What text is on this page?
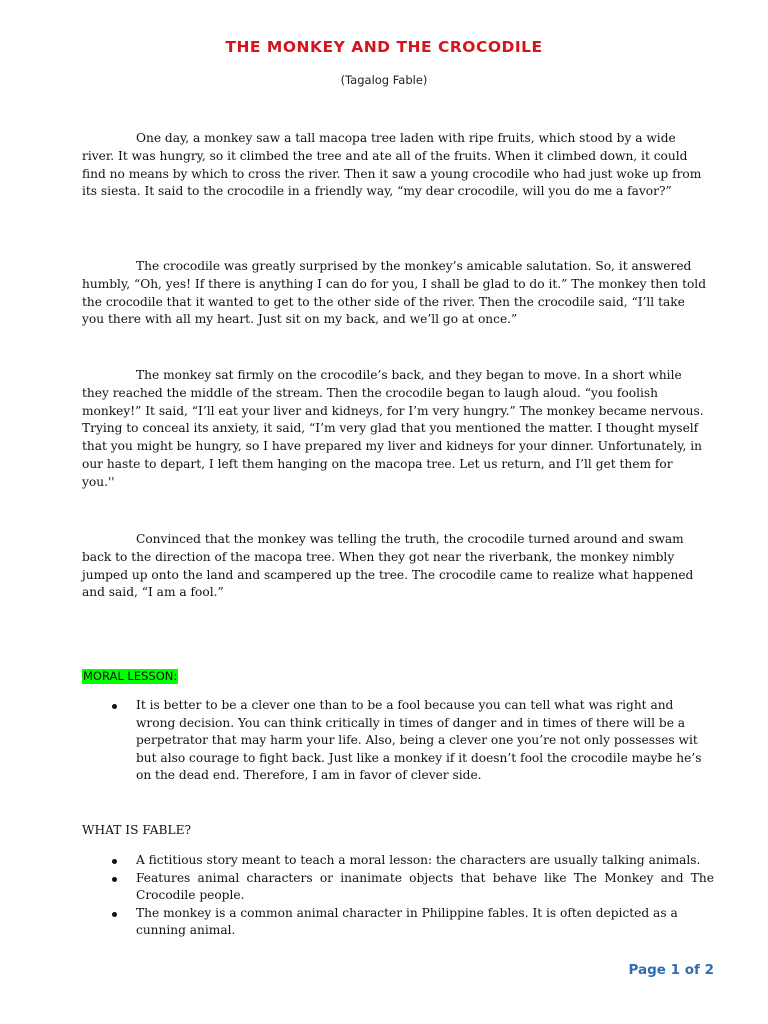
THE MONKEY AND THE CROCODILE
(Tagalog Fable)

One day, a monkey saw a tall macopa tree laden with ripe fruits, which stood by a wide river. It was hungry, so it climbed the tree and ate all of the fruits. When it climbed down, it could find no means by which to cross the river. Then it saw a young crocodile who had just woke up from its siesta. It said to the crocodile in a friendly way, “my dear crocodile, will you do me a favor?”

The crocodile was greatly surprised by the monkey’s amicable salutation. So, it answered humbly, “Oh, yes! If there is anything I can do for you, I shall be glad to do it.” The monkey then told the crocodile that it wanted to get to the other side of the river. Then the crocodile said, “I’ll take you there with all my heart. Just sit on my back, and we’ll go at once.”

The monkey sat firmly on the crocodile’s back, and they began to move. In a short while they reached the middle of the stream. Then the crocodile began to laugh aloud. “you foolish monkey!” It said, “I’ll eat your liver and kidneys, for I’m very hungry.” The monkey became nervous. Trying to conceal its anxiety, it said, “I’m very glad that you mentioned the matter. I thought myself that you might be hungry, so I have prepared my liver and kidneys for your dinner. Unfortunately, in our haste to depart, I left them hanging on the macopa tree. Let us return, and I’ll get them for you.''

Convinced that the monkey was telling the truth, the crocodile turned around and swam back to the direction of the macopa tree. When they got near the riverbank, the monkey nimbly jumped up onto the land and scampered up the tree. The crocodile came to realize what happened and said, “I am a fool.”

MORAL LESSON:
It is better to be a clever one than to be a fool because you can tell what was right and wrong decision. You can think critically in times of danger and in times of there will be a perpetrator that may harm your life. Also, being a clever one you’re not only possesses wit but also courage to fight back. Just like a monkey if it doesn’t fool the crocodile maybe he’s on the dead end. Therefore, I am in favor of clever side.
WHAT IS FABLE?
A fictitious story meant to teach a moral lesson: the characters are usually talking animals.
Features animal characters or inanimate objects that behave like The Monkey and The Crocodile people.
The monkey is a common animal character in Philippine fables. It is often depicted as a cunning animal.
Page 1 of 2
